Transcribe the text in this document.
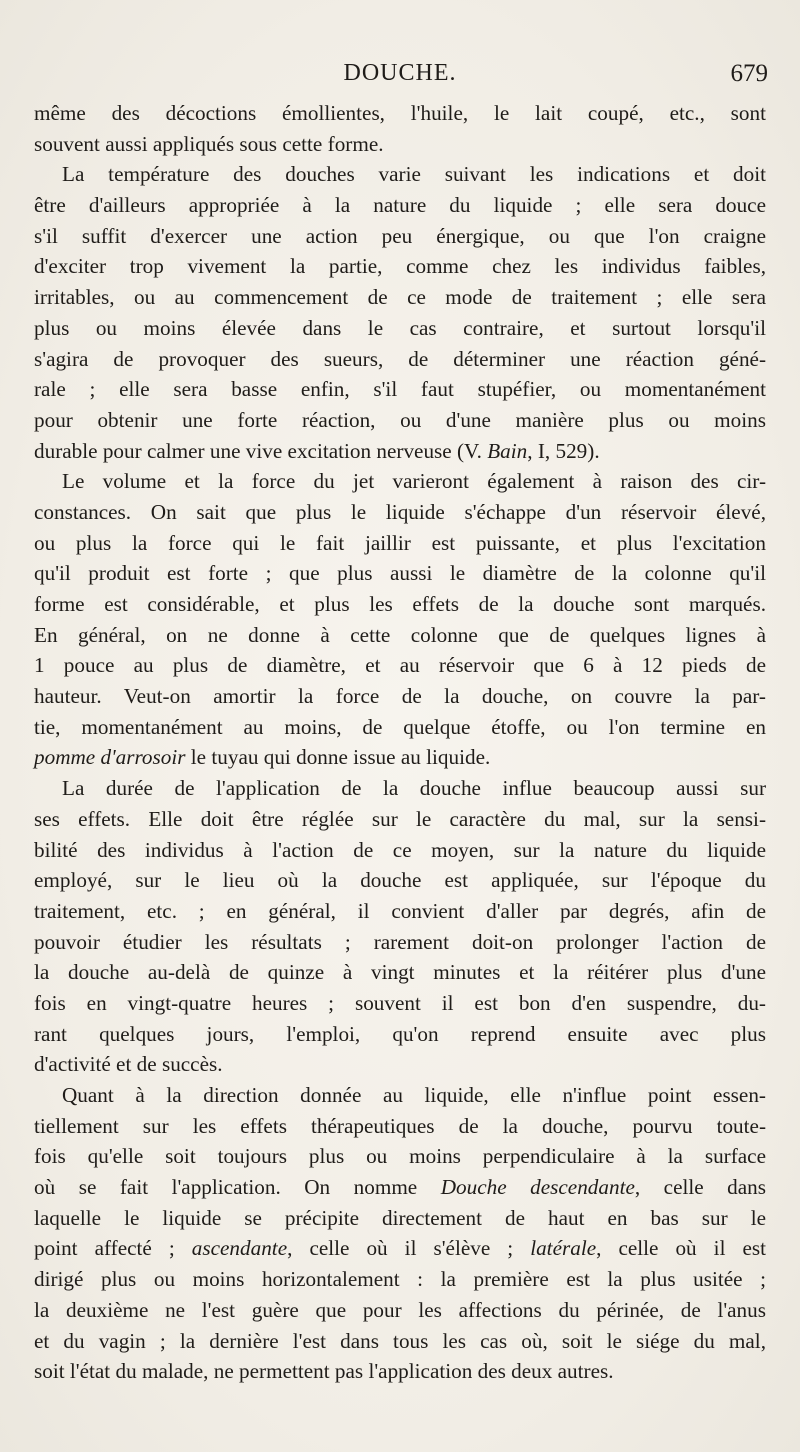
DOUCHE.	679
même des décoctions émollientes, l'huile, le lait coupé, etc., sont
souvent aussi appliqués sous cette forme.
La température des douches varie suivant les indications et doit
être d'ailleurs appropriée à la nature du liquide ; elle sera douce
s'il suffit d'exercer une action peu énergique, ou que l'on craigne
d'exciter trop vivement la partie, comme chez les individus faibles,
irritables, ou au commencement de ce mode de traitement ; elle sera
plus ou moins élevée dans le cas contraire, et surtout lorsqu'il
s'agira de provoquer des sueurs, de déterminer une réaction géné-
rale ; elle sera basse enfin, s'il faut stupéfier, ou momentanément
pour obtenir une forte réaction, ou d'une manière plus ou moins
durable pour calmer une vive excitation nerveuse (V. Bain, I, 529).
Le volume et la force du jet varieront également à raison des cir-
constances. On sait que plus le liquide s'échappe d'un réservoir élevé,
ou plus la force qui le fait jaillir est puissante, et plus l'excitation
qu'il produit est forte ; que plus aussi le diamètre de la colonne qu'il
forme est considérable, et plus les effets de la douche sont marqués.
En général, on ne donne à cette colonne que de quelques lignes à
1 pouce au plus de diamètre, et au réservoir que 6 à 12 pieds de
hauteur. Veut-on amortir la force de la douche, on couvre la par-
tie, momentanément au moins, de quelque étoffe, ou l'on termine en
pomme d'arrosoir le tuyau qui donne issue au liquide.
La durée de l'application de la douche influe beaucoup aussi sur
ses effets. Elle doit être réglée sur le caractère du mal, sur la sensi-
bilité des individus à l'action de ce moyen, sur la nature du liquide
employé, sur le lieu où la douche est appliquée, sur l'époque du
traitement, etc. ; en général, il convient d'aller par degrés, afin de
pouvoir étudier les résultats ; rarement doit-on prolonger l'action de
la douche au-delà de quinze à vingt minutes et la réitérer plus d'une
fois en vingt-quatre heures ; souvent il est bon d'en suspendre, du-
rant quelques jours, l'emploi, qu'on reprend ensuite avec plus
d'activité et de succès.
Quant à la direction donnée au liquide, elle n'influe point essen-
tiellement sur les effets thérapeutiques de la douche, pourvu toute-
fois qu'elle soit toujours plus ou moins perpendiculaire à la surface
où se fait l'application. On nomme Douche descendante, celle dans
laquelle le liquide se précipite directement de haut en bas sur le
point affecté ; ascendante, celle où il s'élève ; latérale, celle où il est
dirigé plus ou moins horizontalement : la première est la plus usitée ;
la deuxième ne l'est guère que pour les affections du périnée, de l'anus
et du vagin ; la dernière l'est dans tous les cas où, soit le siége du mal,
soit l'état du malade, ne permettent pas l'application des deux autres.
